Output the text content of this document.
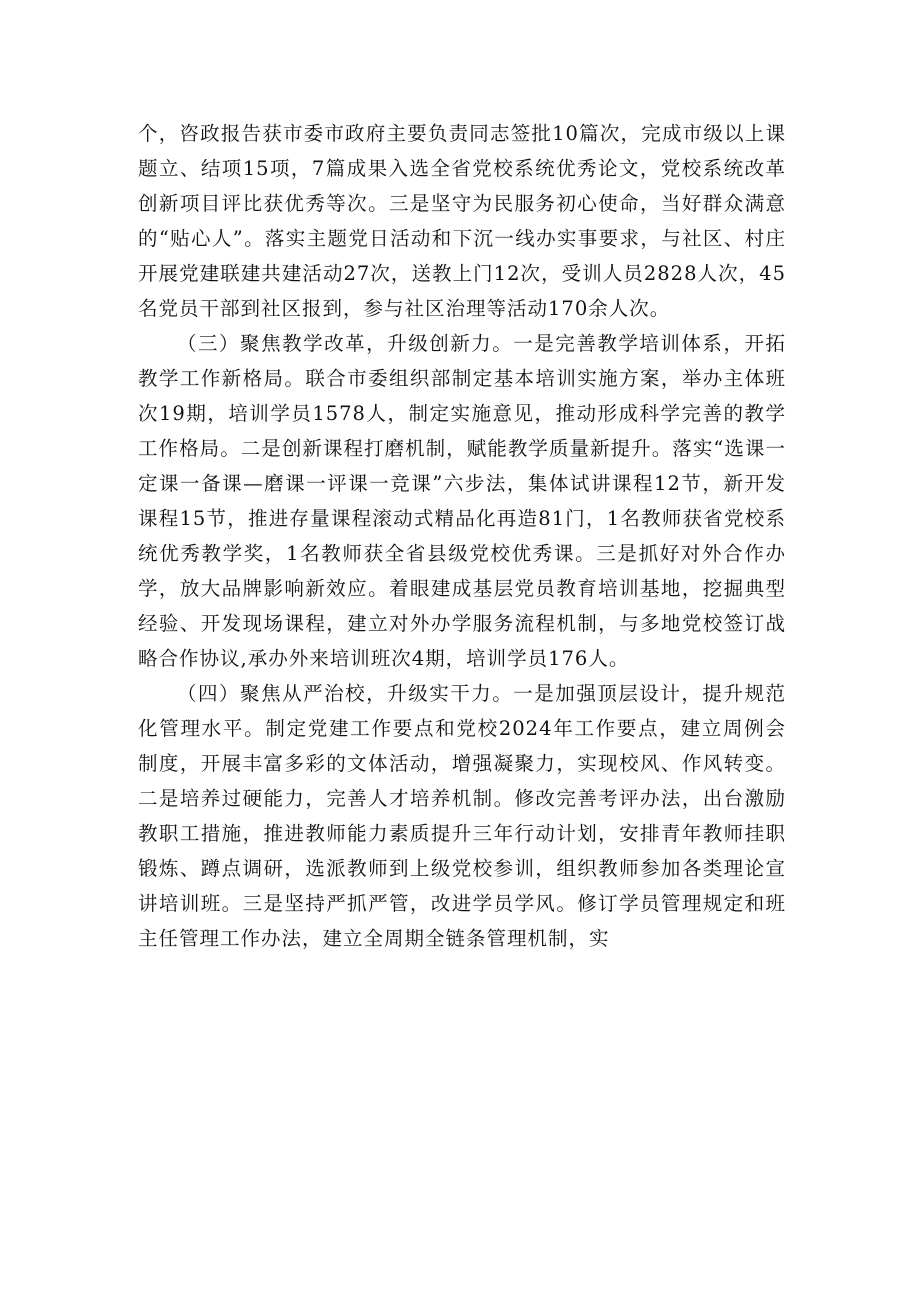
个，咨政报告获市委市政府主要负责同志签批10篇次，完成市级以上课题立、结项15项，7篇成果入选全省党校系统优秀论文，党校系统改革创新项目评比获优秀等次。三是坚守为民服务初心使命，当好群众满意的“贴心人”。落实主题党日活动和下沉一线办实事要求，与社区、村庄开展党建联建共建活动27次，送教上门12次，受训人员2828人次，45名党员干部到社区报到，参与社区治理等活动170余人次。

（三）聚焦教学改革，升级创新力。一是完善教学培训体系，开拓教学工作新格局。联合市委组织部制定基本培训实施方案，举办主体班次19期，培训学员1578人，制定实施意见，推动形成科学完善的教学工作格局。二是创新课程打磨机制，赋能教学质量新提升。落实“选课一定课一备课—磨课一评课一竞课”六步法，集体试讲课程12节，新开发课程15节，推进存量课程滚动式精品化再造81门，1名教师获省党校系统优秀教学奖，1名教师获全省县级党校优秀课。三是抓好对外合作办学，放大品牌影响新效应。着眼建成基层党员教育培训基地，挖掘典型经验、开发现场课程，建立对外办学服务流程机制，与多地党校签订战略合作协议,承办外来培训班次4期，培训学员176人。

（四）聚焦从严治校，升级实干力。一是加强顶层设计，提升规范化管理水平。制定党建工作要点和党校2024年工作要点，建立周例会制度，开展丰富多彩的文体活动，增强凝聚力，实现校风、作风转变。二是培养过硬能力，完善人才培养机制。修改完善考评办法，出台激励教职工措施，推进教师能力素质提升三年行动计划，安排青年教师挂职锻炼、蹲点调研，选派教师到上级党校参训，组织教师参加各类理论宣讲培训班。三是坚持严抓严管，改进学员学风。修订学员管理规定和班主任管理工作办法，建立全周期全链条管理机制，实
